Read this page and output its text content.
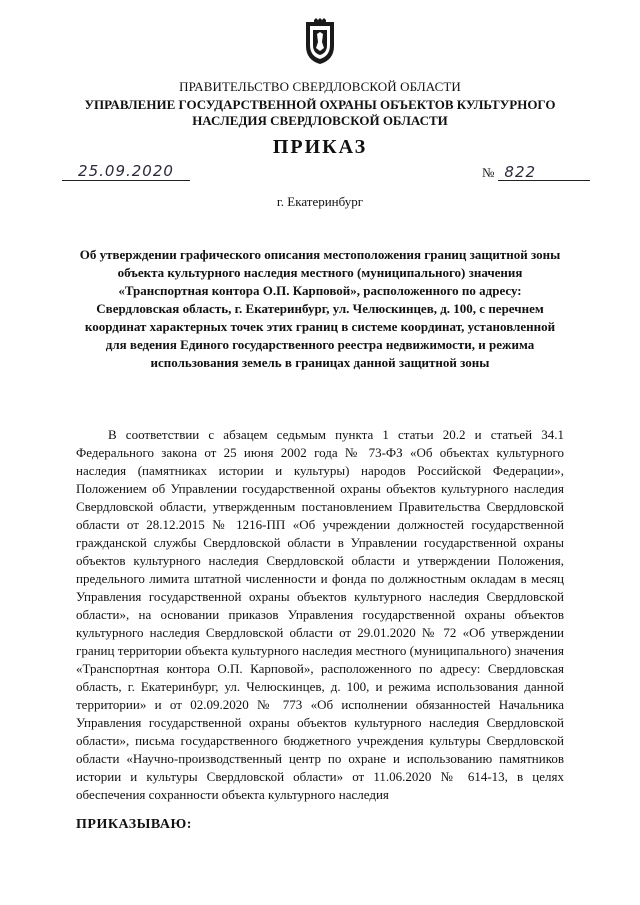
ПРАВИТЕЛЬСТВО СВЕРДЛОВСКОЙ ОБЛАСТИ
УПРАВЛЕНИЕ ГОСУДАРСТВЕННОЙ ОХРАНЫ ОБЪЕКТОВ КУЛЬТУРНОГО НАСЛЕДИЯ СВЕРДЛОВСКОЙ ОБЛАСТИ
ПРИКАЗ
25.09.2020	№ 822
г. Екатеринбург
Об утверждении графического описания местоположения границ защитной зоны объекта культурного наследия местного (муниципального) значения «Транспортная контора О.П. Карповой», расположенного по адресу: Свердловская область, г. Екатеринбург, ул. Челюскинцев, д. 100, с перечнем координат характерных точек этих границ в системе координат, установленной для ведения Единого государственного реестра недвижимости, и режима использования земель в границах данной защитной зоны

В соответствии с абзацем седьмым пункта 1 статьи 20.2 и статьей 34.1 Федерального закона от 25 июня 2002 года № 73-ФЗ «Об объектах культурного наследия (памятниках истории и культуры) народов Российской Федерации», Положением об Управлении государственной охраны объектов культурного наследия Свердловской области, утвержденным постановлением Правительства Свердловской области от 28.12.2015 № 1216-ПП «Об учреждении должностей государственной гражданской службы Свердловской области в Управлении государственной охраны объектов культурного наследия Свердловской области и утверждении Положения, предельного лимита штатной численности и фонда по должностным окладам в месяц Управления государственной охраны объектов культурного наследия Свердловской области», на основании приказов Управления государственной охраны объектов культурного наследия Свердловской области от 29.01.2020 № 72 «Об утверждении границ территории объекта культурного наследия местного (муниципального) значения «Транспортная контора О.П. Карповой», расположенного по адресу: Свердловская область, г. Екатеринбург, ул. Челюскинцев, д. 100, и режима использования данной территории» и от 02.09.2020 № 773 «Об исполнении обязанностей Начальника Управления государственной охраны объектов культурного наследия Свердловской области», письма государственного бюджетного учреждения культуры Свердловской области «Научно-производственный центр по охране и использованию памятников истории и культуры Свердловской области» от 11.06.2020 № 614-13, в целях обеспечения сохранности объекта культурного наследия

ПРИКАЗЫВАЮ:
